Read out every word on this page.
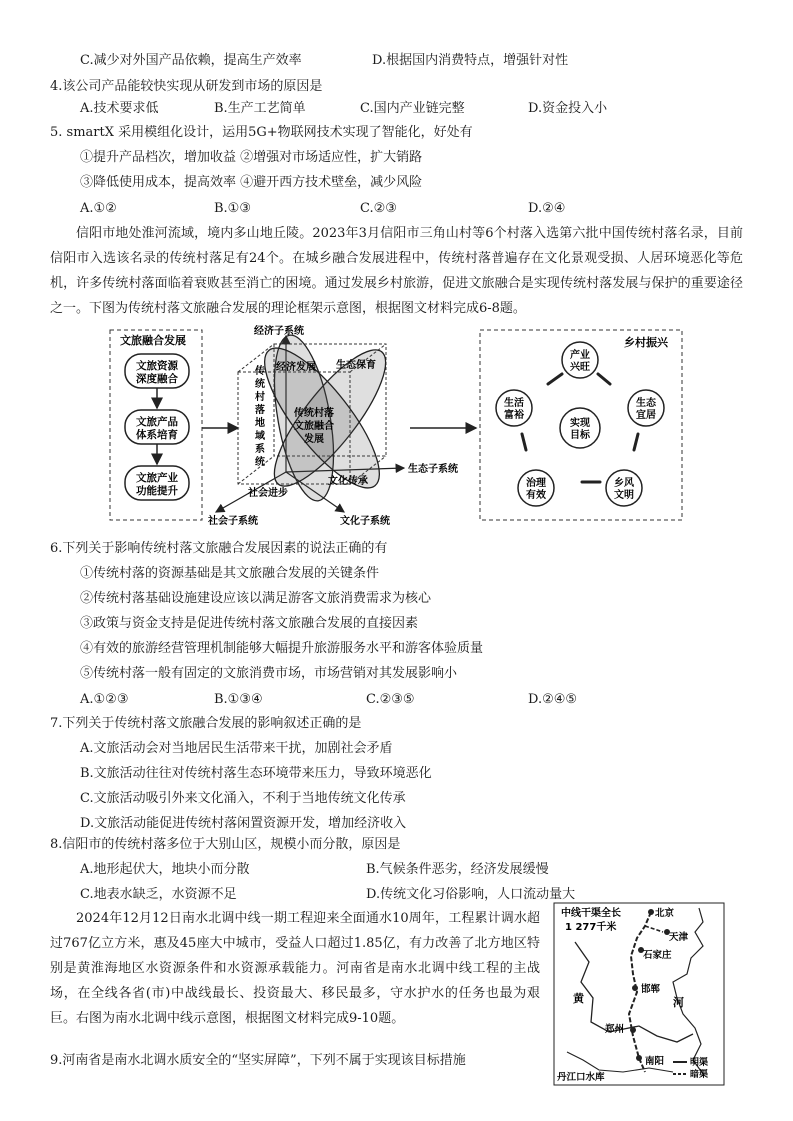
C.减少对外国产品依赖，提高生产效率	D.根据国内消费特点，增强针对性
4.该公司产品能较快实现从研发到市场的原因是
A.技术要求低	B.生产工艺简单	C.国内产业链完整	D.资金投入小
5. smartX 采用模组化设计，运用5G+物联网技术实现了智能化，好处有
①提升产品档次，增加收益 ②增强对市场适应性，扩大销路
③降低使用成本，提高效率 ④避开西方技术壁垒，减少风险
A.①②	B.①③	C.②③	D.②④
信阳市地处淮河流域，境内多山地丘陵。2023年3月信阳市三角山村等6个村落入选第六批中国传统村落名录，目前信阳市入选该名录的传统村落足有24个。在城乡融合发展进程中，传统村落普遍存在文化景观受损、人居环境恶化等危机，许多传统村落面临着衰败甚至消亡的困境。通过发展乡村旅游，促进文旅融合是实现传统村落发展与保护的重要途径之一。下图为传统村落文旅融合发展的理论框架示意图，根据图文材料完成6-8题。
文旅融合发展
文旅资源
深度融合
文旅产品
体系培育
文旅产业
功能提升
经济子系统
社会子系统	文化子系统
生态子系统
经济发展 生态保育
文化传承
社会进步
传统村落
文旅融合
发展
传
统
村
落
地
域
系
统
乡村振兴
产业
兴旺
生态
宜居
乡风
文明
治理
有效
生活
富裕
实现
目标
6.下列关于影响传统村落文旅融合发展因素的说法正确的有
①传统村落的资源基础是其文旅融合发展的关键条件
②传统村落基础设施建设应该以满足游客文旅消费需求为核心
③政策与资金支持是促进传统村落文旅融合发展的直接因素
④有效的旅游经营管理机制能够大幅提升旅游服务水平和游客体验质量
⑤传统村落一般有固定的文旅消费市场，市场营销对其发展影响小
A.①②③	B.①③④	C.②③⑤	D.②④⑤
7.下列关于传统村落文旅融合发展的影响叙述正确的是
A.文旅活动会对当地居民生活带来干扰，加剧社会矛盾
B.文旅活动往往对传统村落生态环境带来压力，导致环境恶化
C.文旅活动吸引外来文化涌入，不利于当地传统文化传承
D.文旅活动能促进传统村落闲置资源开发，增加经济收入
8.信阳市的传统村落多位于大别山区，规模小而分散，原因是
A.地形起伏大，地块小而分散	B.气候条件恶劣，经济发展缓慢
C.地表水缺乏，水资源不足	D.传统文化习俗影响，人口流动量大
2024年12月12日南水北调中线一期工程迎来全面通水10周年，工程累计调水超过767亿立方米，惠及45座大中城市，受益人口超过1.85亿，有力改善了北方地区特别是黄淮海地区水资源条件和水资源承载能力。河南省是南水北调中线工程的主战场，在全线各省(市)中战线最长、投资最大、移民最多，守水护水的任务也最为艰巨。右图为南水北调中线示意图，根据图文材料完成9-10题。
9.河南省是南水北调水质安全的“坚实屏障”，下列不属于实现该目标措施
中线干渠全长
1 277千米
北京
天津
石家庄
邯郸
郑州
南阳
黄	河
丹江口水库
明渠
暗渠
